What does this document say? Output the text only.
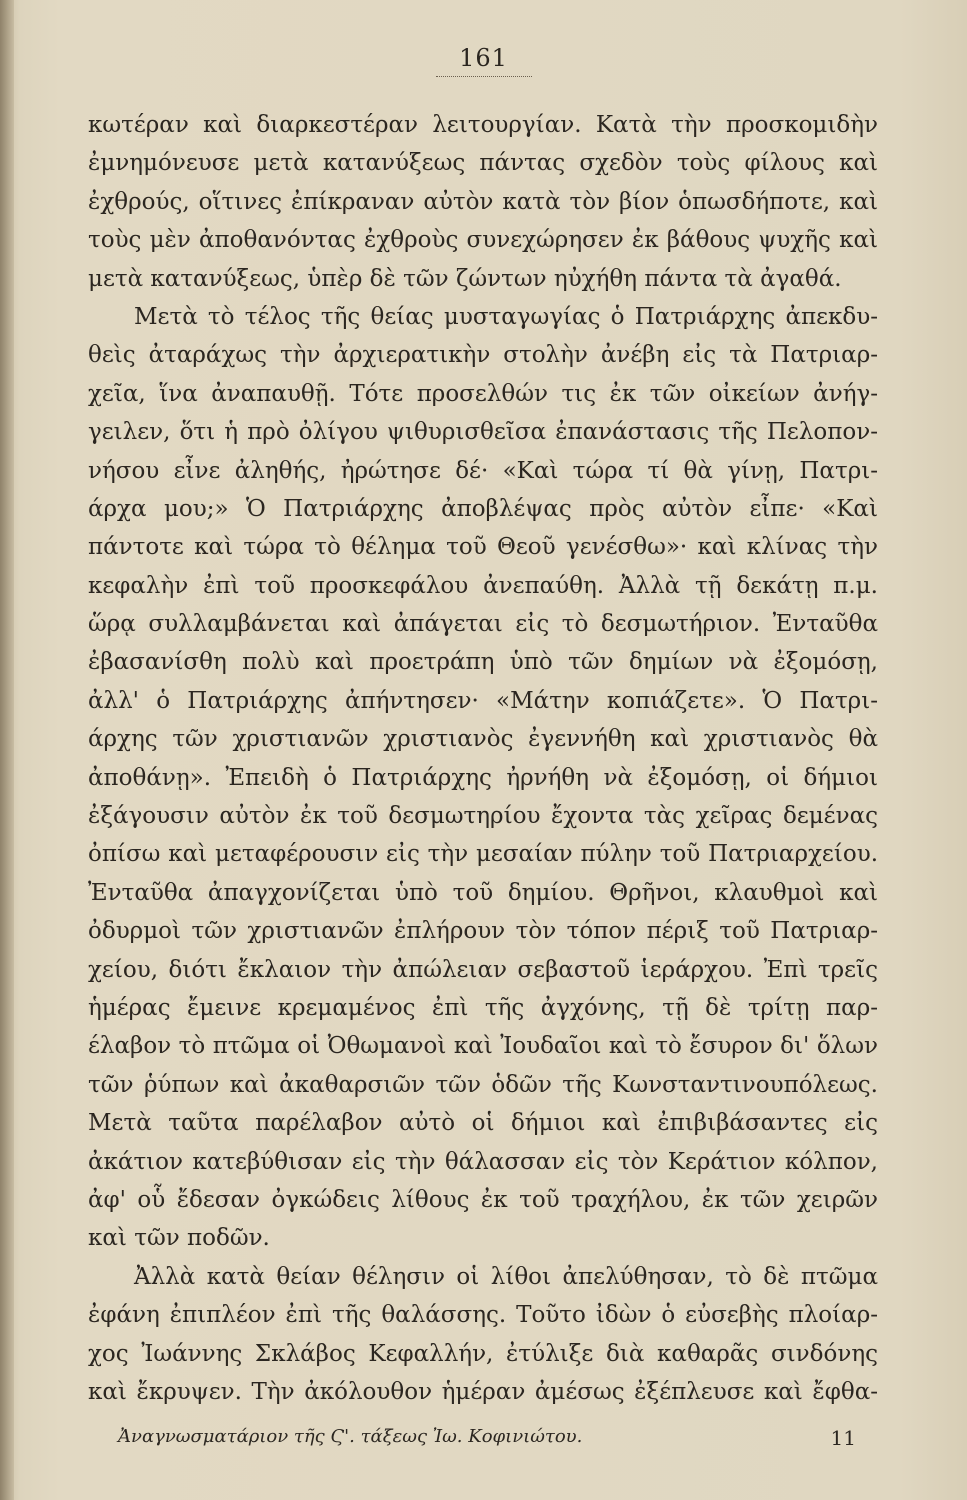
161
κωτέραν καὶ διαρκεστέραν λειτουργίαν. Κατὰ τὴν προσκομιδὴν
ἐμνημόνευσε μετὰ κατανύξεως πάντας σχεδὸν τοὺς φίλους καὶ
ἐχθρούς, οἵτινες ἐπίκραναν αὐτὸν κατὰ τὸν βίον ὁπωσδήποτε, καὶ
τοὺς μὲν ἀποθανόντας ἐχθροὺς συνεχώρησεν ἐκ βάθους ψυχῆς καὶ
μετὰ κατανύξεως, ὑπὲρ δὲ τῶν ζώντων ηὐχήθη πάντα τὰ ἀγαθά.
Μετὰ τὸ τέλος τῆς θείας μυσταγωγίας ὁ Πατριάρχης ἀπεκδυ-
θεὶς ἀταράχως τὴν ἀρχιερατικὴν στολὴν ἀνέβη εἰς τὰ Πατριαρ-
χεῖα, ἵνα ἀναπαυθῇ. Τότε προσελθών τις ἐκ τῶν οἰκείων ἀνήγ-
γειλεν, ὅτι ἡ πρὸ ὀλίγου ψιθυρισθεῖσα ἐπανάστασις τῆς Πελοπον-
νήσου εἶνε ἀληθής, ἠρώτησε δέ· «Καὶ τώρα τί θὰ γίνῃ, Πατρι-
άρχα μου;» Ὁ Πατριάρχης ἀποβλέψας πρὸς αὐτὸν εἶπε· «Καὶ
πάντοτε καὶ τώρα τὸ θέλημα τοῦ Θεοῦ γενέσθω»· καὶ κλίνας τὴν
κεφαλὴν ἐπὶ τοῦ προσκεφάλου ἀνεπαύθη. Ἀλλὰ τῇ δεκάτῃ π.μ.
ὥρᾳ συλλαμβάνεται καὶ ἀπάγεται εἰς τὸ δεσμωτήριον. Ἐνταῦθα
ἐβασανίσθη πολὺ καὶ προετράπη ὑπὸ τῶν δημίων νὰ ἐξομόσῃ,
ἀλλ' ὁ Πατριάρχης ἀπήντησεν· «Μάτην κοπιάζετε». Ὁ Πατρι-
άρχης τῶν χριστιανῶν χριστιανὸς ἐγεννήθη καὶ χριστιανὸς θὰ
ἀποθάνῃ». Ἐπειδὴ ὁ Πατριάρχης ἠρνήθη νὰ ἐξομόσῃ, οἱ δήμιοι
ἐξάγουσιν αὐτὸν ἐκ τοῦ δεσμωτηρίου ἔχοντα τὰς χεῖρας δεμένας
ὀπίσω καὶ μεταφέρουσιν εἰς τὴν μεσαίαν πύλην τοῦ Πατριαρχείου.
Ἐνταῦθα ἀπαγχονίζεται ὑπὸ τοῦ δημίου. Θρῆνοι, κλαυθμοὶ καὶ
ὀδυρμοὶ τῶν χριστιανῶν ἐπλήρουν τὸν τόπον πέριξ τοῦ Πατριαρ-
χείου, διότι ἔκλαιον τὴν ἀπώλειαν σεβαστοῦ ἱεράρχου. Ἐπὶ τρεῖς
ἡμέρας ἔμεινε κρεμαμένος ἐπὶ τῆς ἀγχόνης, τῇ δὲ τρίτῃ παρ-
έλαβον τὸ πτῶμα οἱ Ὀθωμανοὶ καὶ Ἰουδαῖοι καὶ τὸ ἔσυρον δι' ὅλων
τῶν ῥύπων καὶ ἀκαθαρσιῶν τῶν ὁδῶν τῆς Κωνσταντινουπόλεως.
Μετὰ ταῦτα παρέλαβον αὐτὸ οἱ δήμιοι καὶ ἐπιβιβάσαντες εἰς
ἀκάτιον κατεβύθισαν εἰς τὴν θάλασσαν εἰς τὸν Κεράτιον κόλπον,
ἀφ' οὗ ἔδεσαν ὀγκώδεις λίθους ἐκ τοῦ τραχήλου, ἐκ τῶν χειρῶν
καὶ τῶν ποδῶν.
Ἀλλὰ κατὰ θείαν θέλησιν οἱ λίθοι ἀπελύθησαν, τὸ δὲ πτῶμα
ἐφάνη ἐπιπλέον ἐπὶ τῆς θαλάσσης. Τοῦτο ἰδὼν ὁ εὐσεβὴς πλοίαρ-
χος Ἰωάννης Σκλάβος Κεφαλλήν, ἐτύλιξε διὰ καθαρᾶς σινδόνης
καὶ ἔκρυψεν. Τὴν ἀκόλουθον ἡμέραν ἀμέσως ἐξέπλευσε καὶ ἔφθα-
Ἀναγνωσματάριον τῆς Ϛ'. τάξεως Ἰω. Κοφινιώτου.	11
